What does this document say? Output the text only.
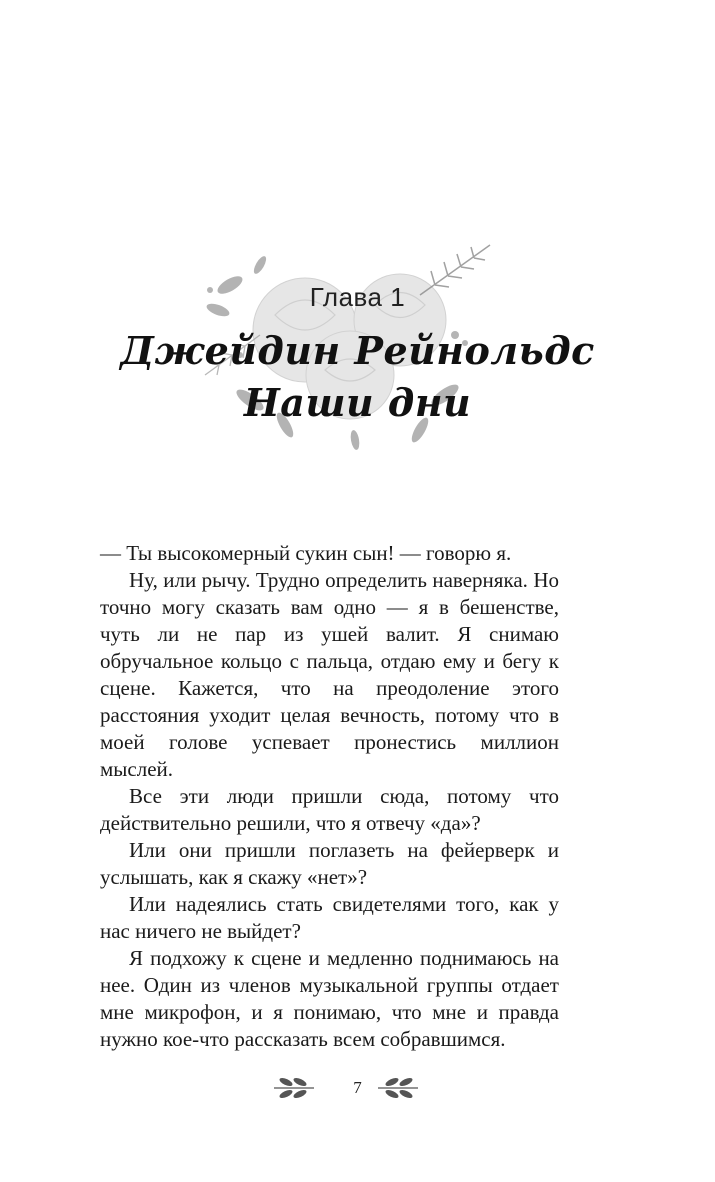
Глава 1
Джейдин Рейнольдс
Наши дни

— Ты высокомерный сукин сын! — говорю я.

Ну, или рычу. Трудно определить наверняка. Но точно могу сказать вам одно — я в бешенстве, чуть ли не пар из ушей валит. Я снимаю обручальное кольцо с пальца, отдаю ему и бегу к сцене. Кажется, что на преодоление этого расстояния уходит целая вечность, потому что в моей голове успевает пронестись миллион мыслей.

Все эти люди пришли сюда, потому что действительно решили, что я отвечу «да»?

Или они пришли поглазеть на фейерверк и услышать, как я скажу «нет»?

Или надеялись стать свидетелями того, как у нас ничего не выйдет?

Я подхожу к сцене и медленно поднимаюсь на нее. Один из членов музыкальной группы отдает мне микрофон, и я понимаю, что мне и правда нужно кое-что рассказать всем собравшимся.

7
